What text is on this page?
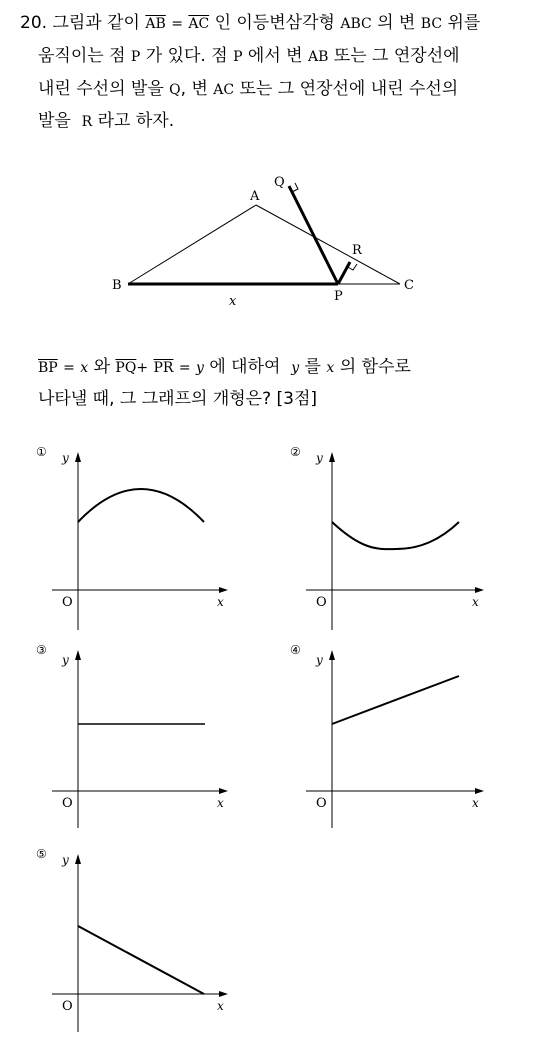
20. 그림과 같이 $\overline{AB} = \overline{AC}$ 인 이등변삼각형 ABC 의 변 BC 위를
움직이는 점 P 가 있다. 점 P 에서 변 AB 또는 그 연장선에
내린 수선의 발을 Q, 변 AC 또는 그 연장선에 내린 수선의
발을 R 라고 하자.
$\overline{BP} = x$ 와 $\overline{PQ}+ \overline{PR} = y$ 에 대하여 y 를 x 의 함수로
나타낼 때, 그 그래프의 개형은? [3점]
A
B	C
P
Q
R
x
① y
x
O
② y
x
O
③
y
x
O
④
y
x
O
⑤ y
x
O
